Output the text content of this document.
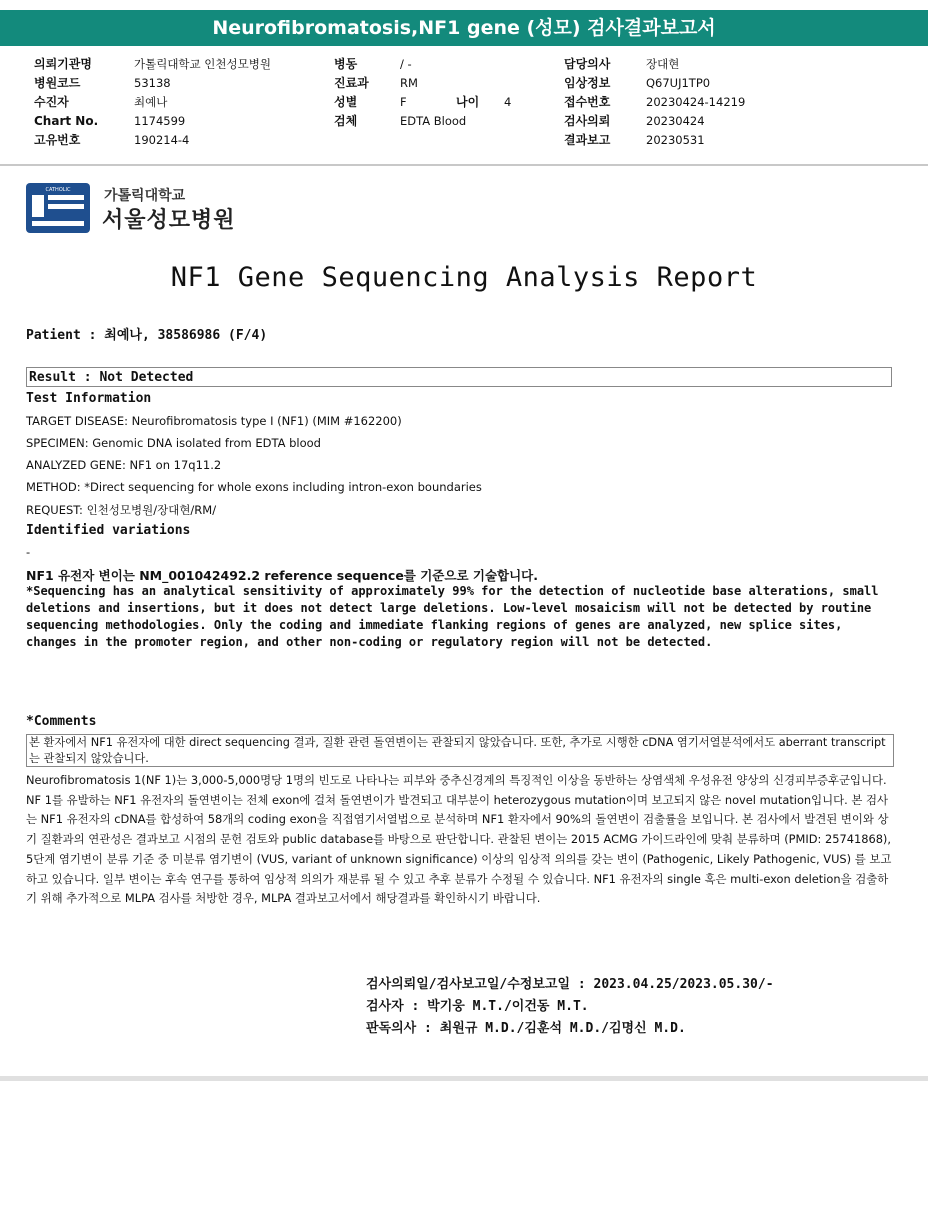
Neurofibromatosis,NF1 gene (성모) 검사결과보고서
의뢰기관명	가톨릭대학교 인천성모병원
병원코드	53138
수진자	최예나
Chart No.	1174599
고유번호	190214-4
병동	/ -
진료과	RM
성별	F	나이 4
검체	EDTA Blood
담당의사	장대현
임상정보	Q67UJ1TP0
접수번호	20230424-14219
검사의뢰	20230424
결과보고	20230531
CATHOLIC 가톨릭대학교
서울성모병원
NF1 Gene Sequencing Analysis Report
Patient : 최예나, 38586986 (F/4)
Result : Not Detected
Test Information
TARGET DISEASE: Neurofibromatosis type I (NF1) (MIM #162200)
SPECIMEN: Genomic DNA isolated from EDTA blood
ANALYZED GENE: NF1 on 17q11.2
METHOD: *Direct sequencing for whole exons including intron-exon boundaries
REQUEST: 인천성모병원/장대현/RM/
Identified variations
-
NF1 유전자 변이는 NM_001042492.2 reference sequence를 기준으로 기술합니다.
*Sequencing has an analytical sensitivity of approximately 99% for the detection of nucleotide base alterations, small deletions and insertions, but it does not detect large deletions. Low-level mosaicism will not be detected by routine sequencing methodologies. Only the coding and immediate flanking regions of genes are analyzed, new splice sites, changes in the promoter region, and other non-coding or regulatory region will not be detected.
*Comments
본 환자에서 NF1 유전자에 대한 direct sequencing 결과, 질환 관련 돌연변이는 관찰되지 않았습니다. 또한, 추가로 시행한 cDNA 염기서열분석에서도 aberrant transcript는 관찰되지 않았습니다.
Neurofibromatosis 1(NF 1)는 3,000-5,000명당 1명의 빈도로 나타나는 피부와 중추신경계의 특징적인 이상을 동반하는 상염색체 우성유전 양상의 신경피부증후군입니다. NF 1를 유발하는 NF1 유전자의 돌연변이는 전체 exon에 걸쳐 돌연변이가 발견되고 대부분이 heterozygous mutation이며 보고되지 않은 novel mutation입니다. 본 검사는 NF1 유전자의 cDNA를 합성하여 58개의 coding exon을 직접염기서열법으로 분석하며 NF1 환자에서 90%의 돌연변이 검출률을 보입니다. 본 검사에서 발견된 변이와 상기 질환과의 연관성은 결과보고 시점의 문헌 검토와 public database를 바탕으로 판단합니다. 관찰된 변이는 2015 ACMG 가이드라인에 맞춰 분류하며 (PMID: 25741868), 5단계 염기변이 분류 기준 중 미분류 염기변이 (VUS, variant of unknown significance) 이상의 임상적 의의를 갖는 변이 (Pathogenic, Likely Pathogenic, VUS) 를 보고하고 있습니다. 일부 변이는 후속 연구를 통하여 임상적 의의가 재분류 될 수 있고 추후 분류가 수정될 수 있습니다. NF1 유전자의 single 혹은 multi-exon deletion을 검출하기 위해 추가적으로 MLPA 검사를 처방한 경우, MLPA 결과보고서에서 해당결과를 확인하시기 바랍니다.
검사의뢰일/검사보고일/수정보고일 : 2023.04.25/2023.05.30/-
검사자 : 박기웅 M.T./이건동 M.T.
판독의사 : 최원규 M.D./김훈석 M.D./김명신 M.D.
